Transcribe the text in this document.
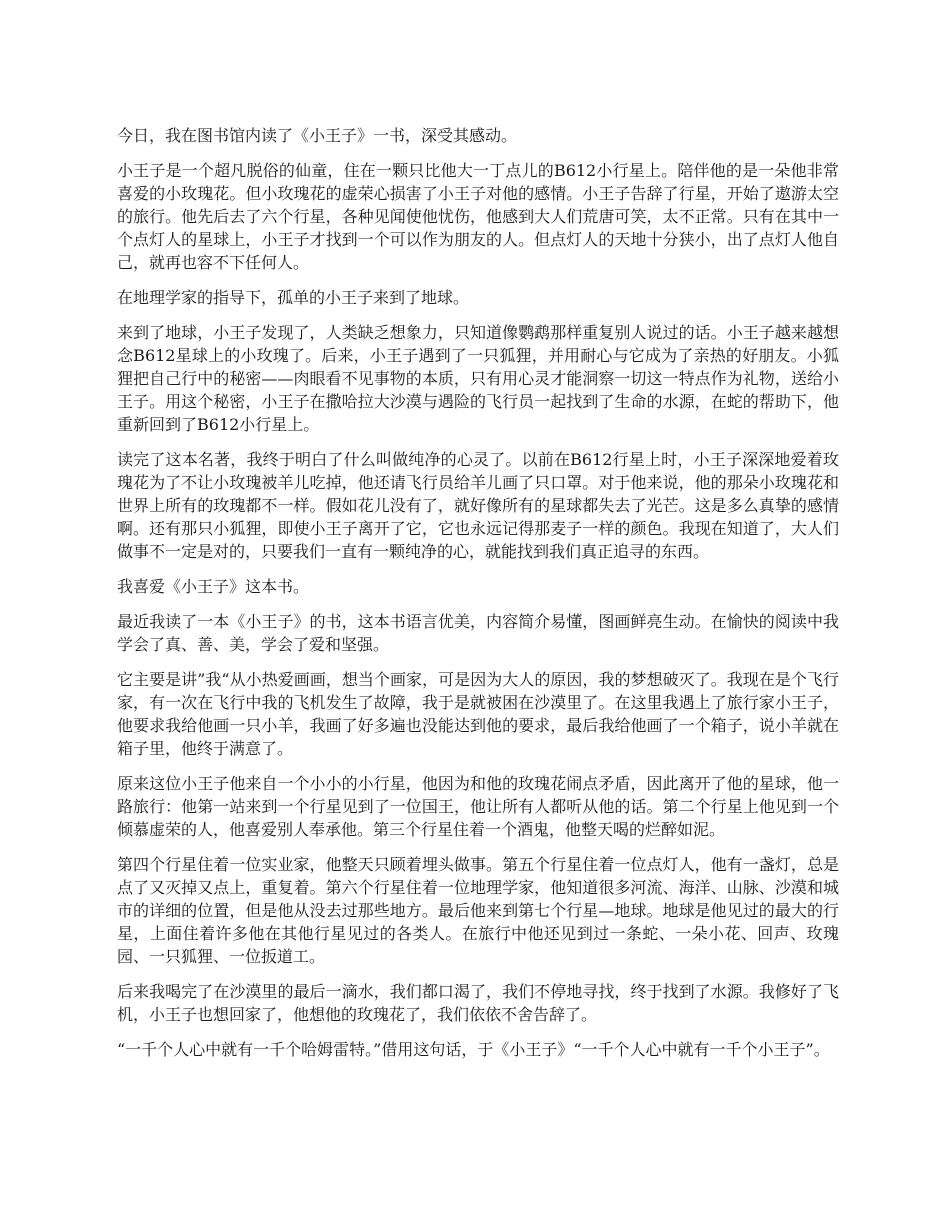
今日，我在图书馆内读了《小王子》一书，深受其感动。

小王子是一个超凡脱俗的仙童，住在一颗只比他大一丁点儿的B612小行星上。陪伴他的是一朵他非常喜爱的小玫瑰花。但小玫瑰花的虚荣心损害了小王子对他的感情。小王子告辞了行星，开始了遨游太空的旅行。他先后去了六个行星，各种见闻使他忧伤，他感到大人们荒唐可笑，太不正常。只有在其中一个点灯人的星球上，小王子才找到一个可以作为朋友的人。但点灯人的天地十分狭小，出了点灯人他自己，就再也容不下任何人。

在地理学家的指导下，孤单的小王子来到了地球。

来到了地球，小王子发现了，人类缺乏想象力，只知道像鹦鹉那样重复别人说过的话。小王子越来越想念B612星球上的小玫瑰了。后来，小王子遇到了一只狐狸，并用耐心与它成为了亲热的好朋友。小狐狸把自己行中的秘密——肉眼看不见事物的本质，只有用心灵才能洞察一切这一特点作为礼物，送给小王子。用这个秘密，小王子在撒哈拉大沙漠与遇险的飞行员一起找到了生命的水源，在蛇的帮助下，他重新回到了B612小行星上。

读完了这本名著，我终于明白了什么叫做纯净的心灵了。以前在B612行星上时，小王子深深地爱着玫瑰花为了不让小玫瑰被羊儿吃掉，他还请飞行员给羊儿画了只口罩。对于他来说，他的那朵小玫瑰花和世界上所有的玫瑰都不一样。假如花儿没有了，就好像所有的星球都失去了光芒。这是多么真挚的感情啊。还有那只小狐狸，即使小王子离开了它，它也永远记得那麦子一样的颜色。我现在知道了，大人们做事不一定是对的，只要我们一直有一颗纯净的心，就能找到我们真正追寻的东西。

我喜爱《小王子》这本书。

最近我读了一本《小王子》的书，这本书语言优美，内容简介易懂，图画鲜亮生动。在愉快的阅读中我学会了真、善、美，学会了爱和坚强。

它主要是讲”我“从小热爱画画，想当个画家，可是因为大人的原因，我的梦想破灭了。我现在是个飞行家，有一次在飞行中我的飞机发生了故障，我于是就被困在沙漠里了。在这里我遇上了旅行家小王子，他要求我给他画一只小羊，我画了好多遍也没能达到他的要求，最后我给他画了一个箱子，说小羊就在箱子里，他终于满意了。

原来这位小王子他来自一个小小的小行星，他因为和他的玫瑰花闹点矛盾，因此离开了他的星球，他一路旅行：他第一站来到一个行星见到了一位国王，他让所有人都听从他的话。第二个行星上他见到一个倾慕虚荣的人，他喜爱别人奉承他。第三个行星住着一个酒鬼，他整天喝的烂醉如泥。

第四个行星住着一位实业家，他整天只顾着埋头做事。第五个行星住着一位点灯人，他有一盏灯，总是点了又灭掉又点上，重复着。第六个行星住着一位地理学家，他知道很多河流、海洋、山脉、沙漠和城市的详细的位置，但是他从没去过那些地方。最后他来到第七个行星—地球。地球是他见过的最大的行星，上面住着许多他在其他行星见过的各类人。在旅行中他还见到过一条蛇、一朵小花、回声、玫瑰园、一只狐狸、一位扳道工。

后来我喝完了在沙漠里的最后一滴水，我们都口渴了，我们不停地寻找，终于找到了水源。我修好了飞机，小王子也想回家了，他想他的玫瑰花了，我们依依不舍告辞了。

“一千个人心中就有一千个哈姆雷特。”借用这句话，于《小王子》“一千个人心中就有一千个小王子”。
